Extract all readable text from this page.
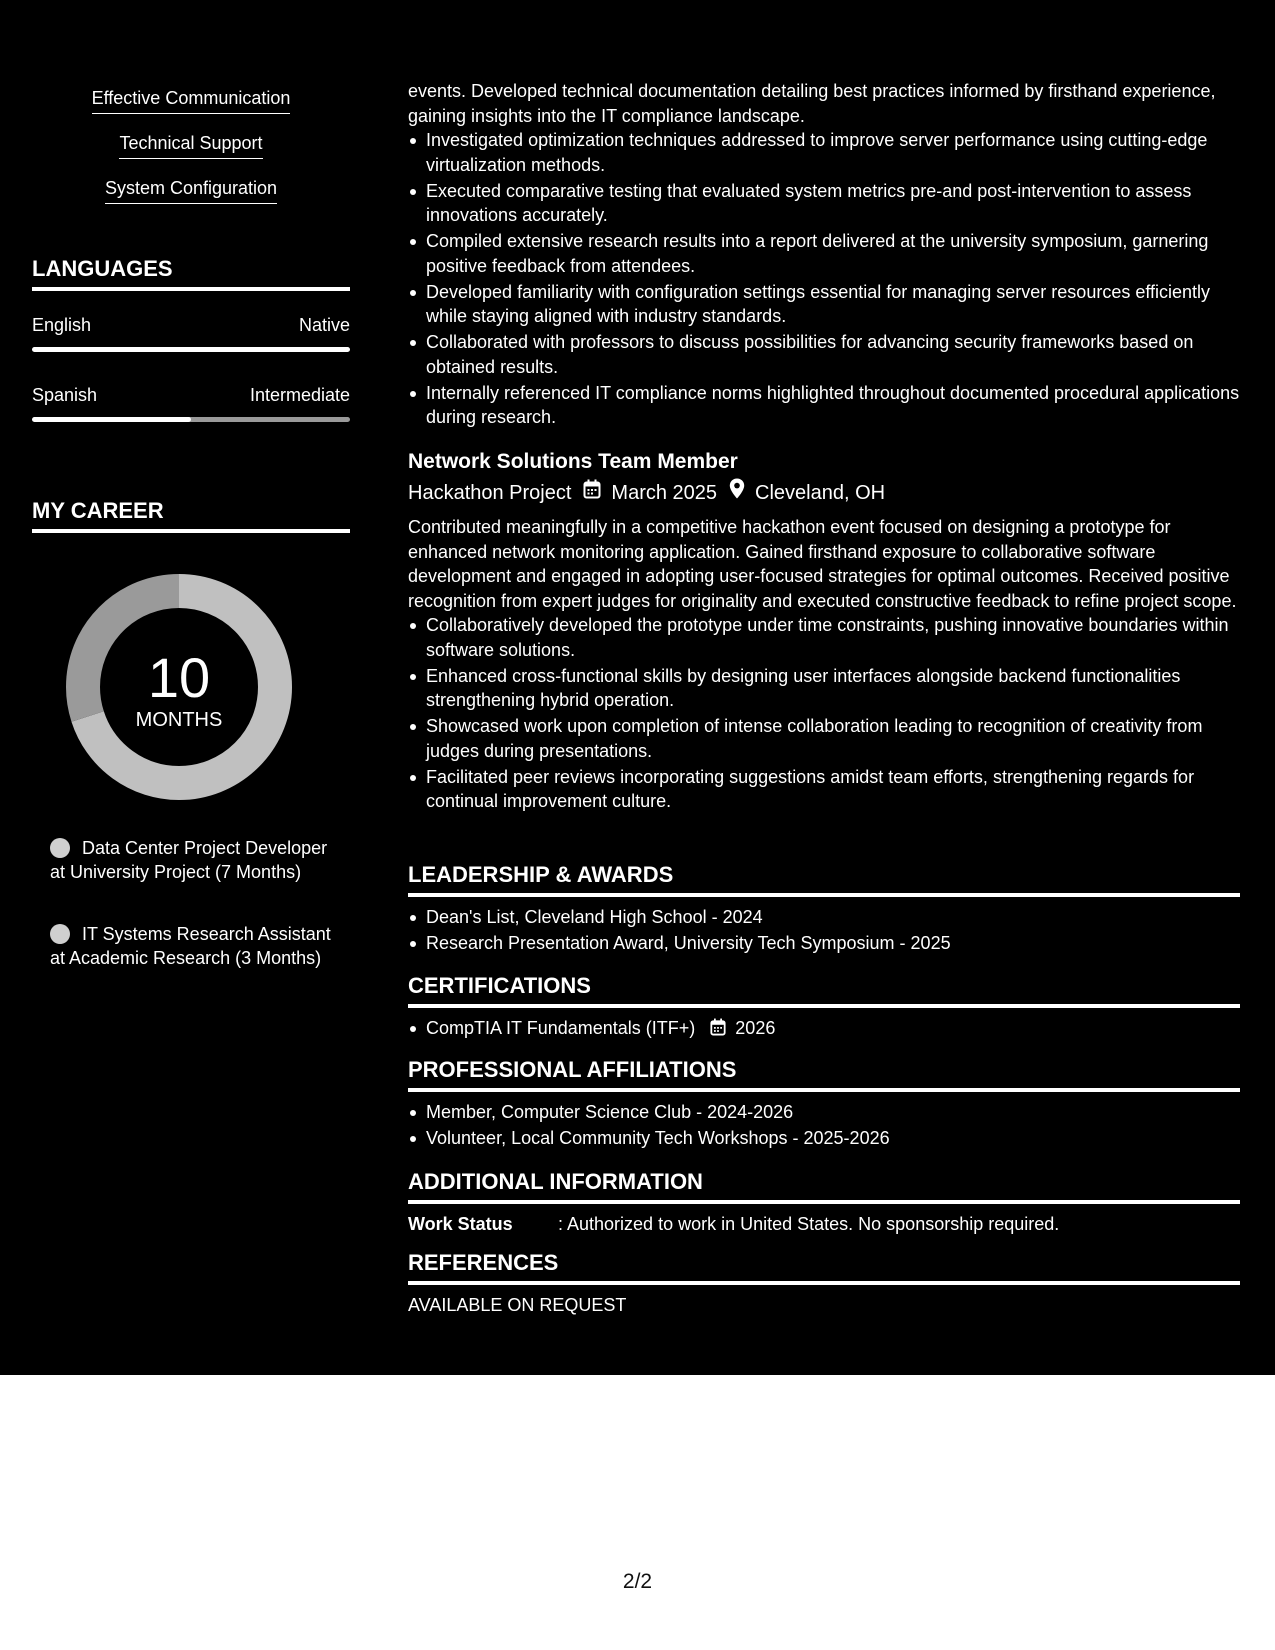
Effective Communication
Technical Support
System Configuration
LANGUAGES
English	Native
Spanish	Intermediate
MY CAREER
10
MONTHS
Data Center Project Developer at University Project (7 Months)
IT Systems Research Assistant at Academic Research (3 Months)

events. Developed technical documentation detailing best practices informed by firsthand experience, gaining insights into the IT compliance landscape.

Investigated optimization techniques addressed to improve server performance using cutting-edge virtualization methods.
Executed comparative testing that evaluated system metrics pre-and post-intervention to assess innovations accurately.
Compiled extensive research results into a report delivered at the university symposium, garnering positive feedback from attendees.
Developed familiarity with configuration settings essential for managing server resources efficiently while staying aligned with industry standards.
Collaborated with professors to discuss possibilities for advancing security frameworks based on obtained results.
Internally referenced IT compliance norms highlighted throughout documented procedural applications during research.
Network Solutions Team Member
Hackathon Project March 2025 Cleveland, OH

Contributed meaningfully in a competitive hackathon event focused on designing a prototype for enhanced network monitoring application. Gained firsthand exposure to collaborative software development and engaged in adopting user-focused strategies for optimal outcomes. Received positive recognition from expert judges for originality and executed constructive feedback to refine project scope.

Collaboratively developed the prototype under time constraints, pushing innovative boundaries within software solutions.
Enhanced cross-functional skills by designing user interfaces alongside backend functionalities strengthening hybrid operation.
Showcased work upon completion of intense collaboration leading to recognition of creativity from judges during presentations.
Facilitated peer reviews incorporating suggestions amidst team efforts, strengthening regards for continual improvement culture.
LEADERSHIP & AWARDS
Dean's List, Cleveland High School - 2024
Research Presentation Award, University Tech Symposium - 2025
CERTIFICATIONS
CompTIA IT Fundamentals (ITF+) 2026
PROFESSIONAL AFFILIATIONS
Member, Computer Science Club - 2024-2026
Volunteer, Local Community Tech Workshops - 2025-2026
ADDITIONAL INFORMATION
Work Status	: Authorized to work in United States. No sponsorship required.
REFERENCES
AVAILABLE ON REQUEST
2/2
